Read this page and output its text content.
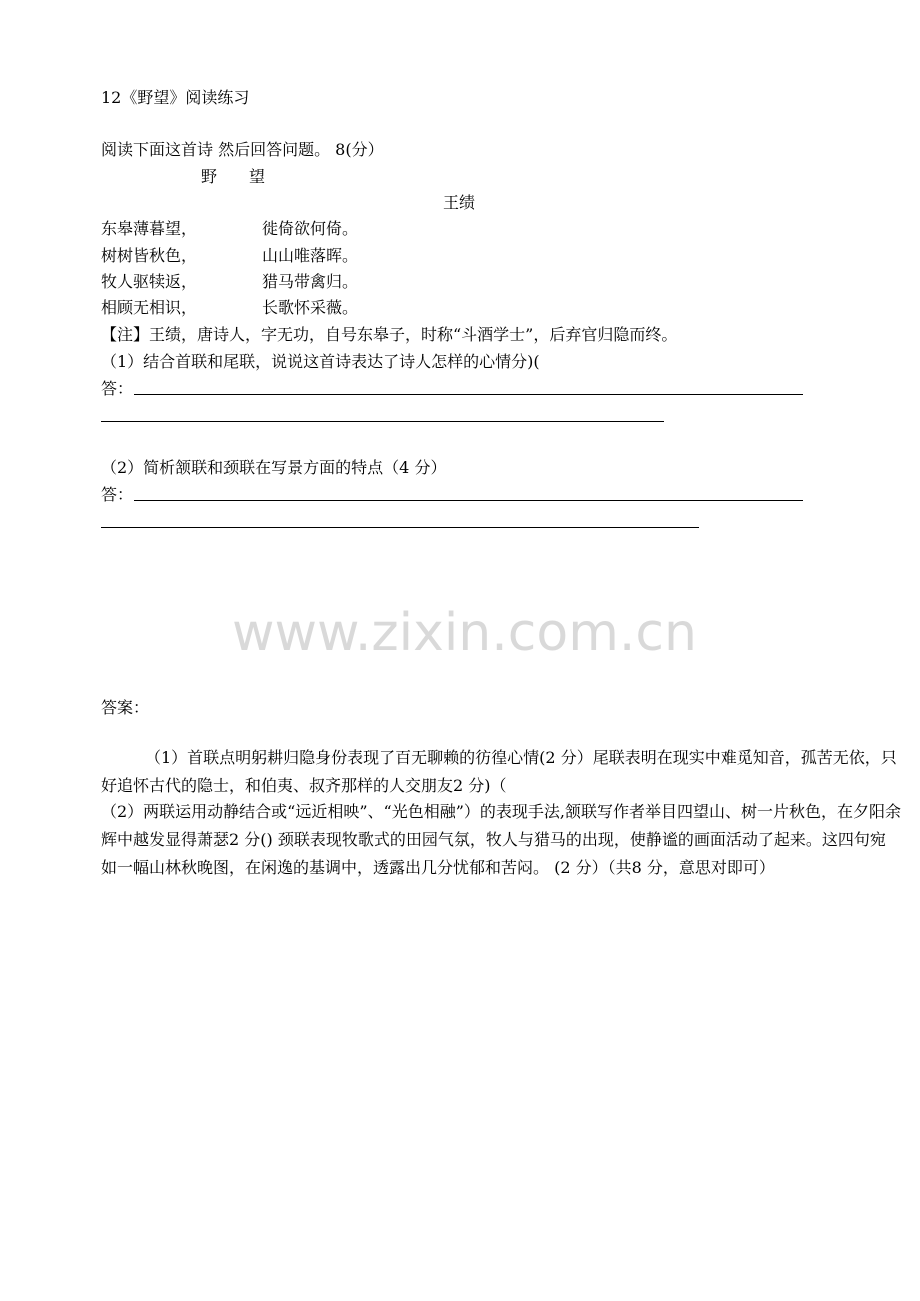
12《野望》阅读练习
阅读下面这首诗 然后回答问题。 8(分）
野　　望
王绩
东皋薄暮望，	徙倚欲何倚。
树树皆秋色，	山山唯落晖。
牧人驱犊返，	猎马带禽归。
相顾无相识，	长歌怀采薇。
【注】王绩，唐诗人，字无功，自号东皋子，时称“斗酒学士”，后弃官归隐而终。
（1）结合首联和尾联，说说这首诗表达了诗人怎样的心情分)(
答：
（2）简析颔联和颈联在写景方面的特点（4 分）
答：
www.zixin.com.cn
答案：
（1）首联点明躬耕归隐身份表现了百无聊赖的彷徨心情(2 分）尾联表明在现实中难觅知音，孤苦无依，只好追怀古代的隐士，和伯夷、叔齐那样的人交朋友2 分)（
（2）两联运用动静结合或“远近相映”、“光色相融”）的表现手法,颔联写作者举目四望山、树一片秋色，在夕阳余辉中越发显得萧瑟2 分() 颈联表现牧歌式的田园气氛，牧人与猎马的出现，使静谧的画面活动了起来。这四句宛如一幅山林秋晚图，在闲逸的基调中，透露出几分忧郁和苦闷。 (2 分）（共8 分，意思对即可）
